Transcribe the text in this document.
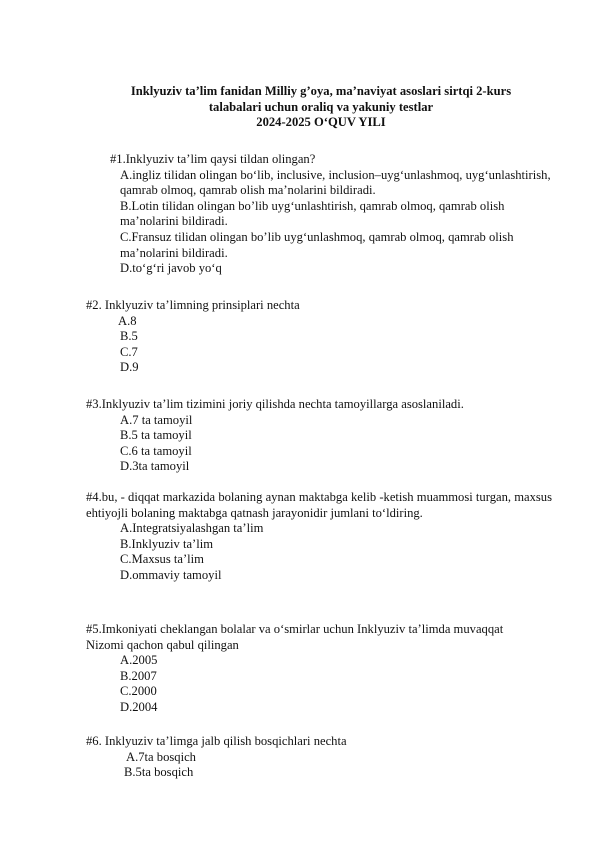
Inklyuziv ta’lim fanidan Milliy g’oya, ma’naviyat asoslari sirtqi 2-kurs
talabalari uchun oraliq va yakuniy testlar
2024-2025 O‘QUV YILI
#1.Inklyuziv ta’lim qaysi tildan olingan?
A.ingliz tilidan olingan bo‘lib, inclusive, inclusion–uyg‘unlashmoq, uyg‘unlashtirish, qamrab olmoq, qamrab olish ma’nolarini bildiradi.
B.Lotin tilidan olingan bo’lib uyg‘unlashtirish, qamrab olmoq, qamrab olish ma’nolarini bildiradi.
C.Fransuz tilidan olingan bo’lib uyg‘unlashmoq, qamrab olmoq, qamrab olish ma’nolarini bildiradi.
D.to‘g‘ri javob yo‘q
#2. Inklyuziv ta’limning prinsiplari nechta
A.8
B.5
C.7
D.9
#3.Inklyuziv ta’lim tizimini joriy qilishda nechta tamoyillarga asoslaniladi.
A.7 ta tamoyil
B.5 ta tamoyil
C.6 ta tamoyil
D.3ta tamoyil
#4.bu, - diqqat markazida bolaning aynan maktabga kelib -ketish muammosi turgan, maxsus ehtiyojli bolaning maktabga qatnash jarayonidir jumlani to‘ldiring.
A.Integratsiyalashgan ta’lim
B.Inklyuziv ta’lim
C.Maxsus ta’lim
D.ommaviy tamoyil
#5.Imkoniyati cheklangan bolalar va o‘smirlar uchun Inklyuziv ta’limda muvaqqat Nizomi qachon qabul qilingan
A.2005
B.2007
C.2000
D.2004
#6. Inklyuziv ta’limga jalb qilish bosqichlari nechta
A.7ta bosqich
B.5ta bosqich
